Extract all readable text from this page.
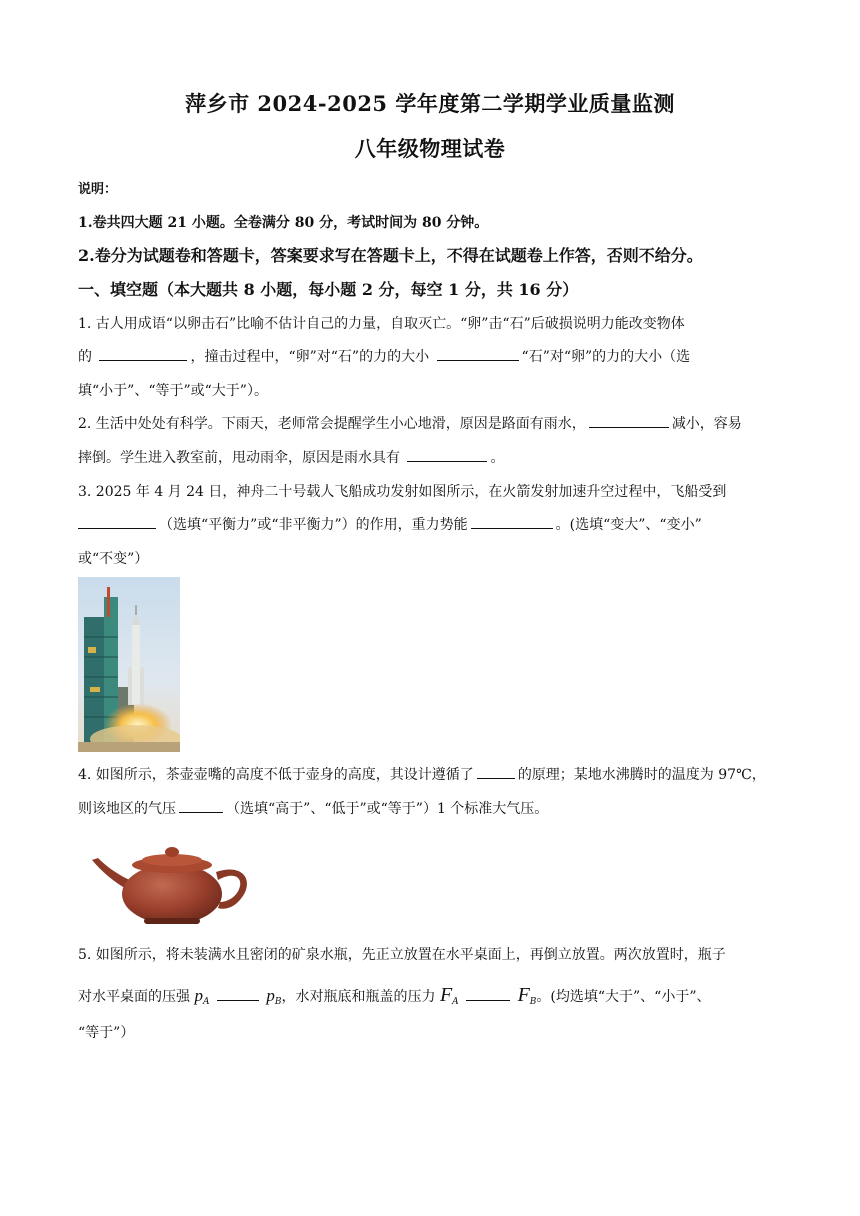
萍乡市 2024-2025 学年度第二学期学业质量监测
八年级物理试卷
说明：
1.卷共四大题 21 小题。全卷满分 80 分，考试时间为 80 分钟。
2.卷分为试题卷和答题卡，答案要求写在答题卡上，不得在试题卷上作答，否则不给分。
一、填空题（本大题共 8 小题，每小题 2 分，每空 1 分，共 16 分）
1. 古人用成语“以卵击石”比喻不估计自己的力量，自取灭亡。“卵”击“石”后破损说明力能改变物体
的	，撞击过程中，“卵”对“石”的力的大小	“石”对“卵”的力的大小（选
填“小于”、“等于”或“大于”）。
2. 生活中处处有科学。下雨天，老师常会提醒学生小心地滑，原因是路面有雨水，	减小，容易
摔倒。学生进入教室前，甩动雨伞，原因是雨水具有	。
3. 2025 年 4 月 24 日，神舟二十号载人飞船成功发射如图所示，在火箭发射加速升空过程中，飞船受到
（选填“平衡力”或“非平衡力”）的作用，重力势能	。(选填“变大”、“变小”
或“不变”）
4. 如图所示，茶壶壶嘴的高度不低于壶身的高度，其设计遵循了	的原理；某地水沸腾时的温度为 97℃，
则该地区的气压	（选填“高于”、“低于”或“等于”）1 个标准大气压。
5. 如图所示，将未装满水且密闭的矿泉水瓶，先正立放置在水平桌面上，再倒立放置。两次放置时，瓶子
对水平桌面的压强 $p_A$	$p_B$，水对瓶底和瓶盖的压力 $F_A$	$F_B$。(均选填“大于”、“小于”、
“等于”）
